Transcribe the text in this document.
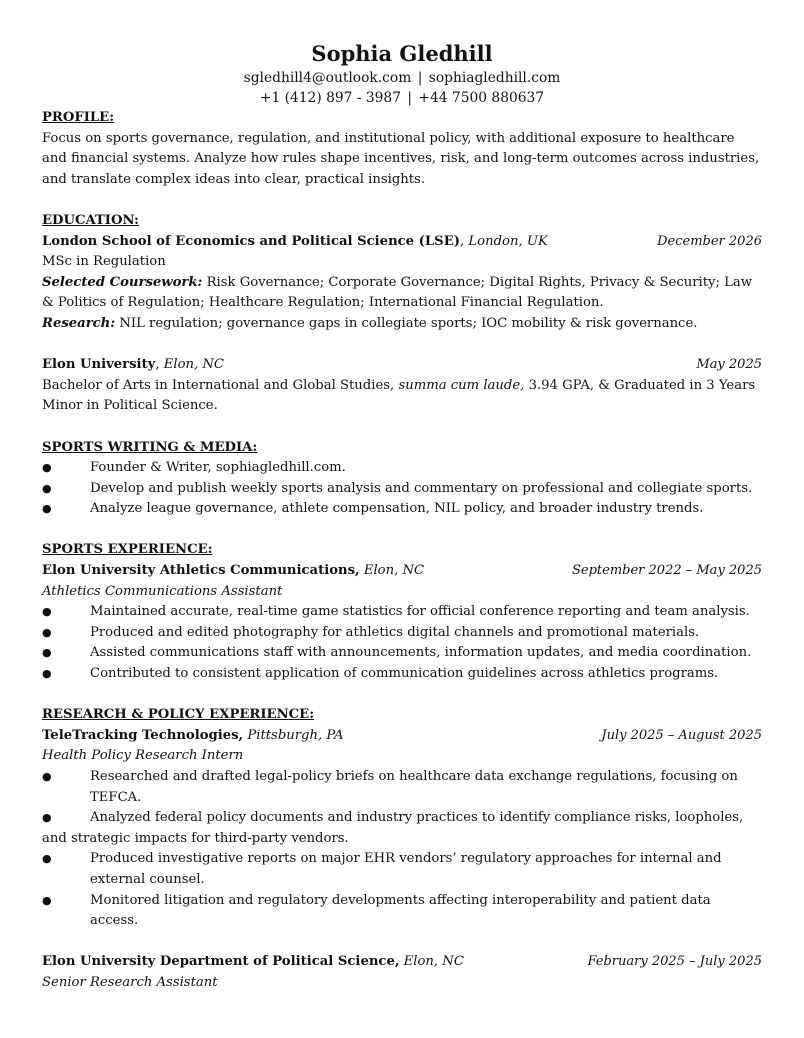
Sophia Gledhill
sgledhill4@outlook.com | sophiagledhill.com
+1 (412) 897 - 3987 | +44 7500 880637
PROFILE:

Focus on sports governance, regulation, and institutional policy, with additional exposure to healthcare and financial systems. Analyze how rules shape incentives, risk, and long-term outcomes across industries, and translate complex ideas into clear, practical insights.

EDUCATION:
London School of Economics and Political Science (LSE), London, UK	December 2026
MSc in Regulation
Selected Coursework: Risk Governance; Corporate Governance; Digital Rights, Privacy & Security; Law & Politics of Regulation; Healthcare Regulation; International Financial Regulation.
Research: NIL regulation; governance gaps in collegiate sports; IOC mobility & risk governance.
Elon University, Elon, NC	May 2025
Bachelor of Arts in International and Global Studies, summa cum laude, 3.94 GPA, & Graduated in 3 Years
Minor in Political Science.
SPORTS WRITING & MEDIA:
●	Founder & Writer, sophiagledhill.com.
●	Develop and publish weekly sports analysis and commentary on professional and collegiate sports.
●	Analyze league governance, athlete compensation, NIL policy, and broader industry trends.
SPORTS EXPERIENCE:
Elon University Athletics Communications, Elon, NC	September 2022 – May 2025
Athletics Communications Assistant
●	Maintained accurate, real-time game statistics for official conference reporting and team analysis.
●	Produced and edited photography for athletics digital channels and promotional materials.
●	Assisted communications staff with announcements, information updates, and media coordination.
●	Contributed to consistent application of communication guidelines across athletics programs.
RESEARCH & POLICY EXPERIENCE:
TeleTracking Technologies, Pittsburgh, PA	July 2025 – August 2025
Health Policy Research Intern
●	Researched and drafted legal-policy briefs on healthcare data exchange regulations, focusing on TEFCA.
●	Analyzed federal policy documents and industry practices to identify compliance risks, loopholes, and strategic impacts for third-party vendors.
●	Produced investigative reports on major EHR vendors’ regulatory approaches for internal and external counsel.
●	Monitored litigation and regulatory developments affecting interoperability and patient data access.
Elon University Department of Political Science, Elon, NC	February 2025 – July 2025
Senior Research Assistant
